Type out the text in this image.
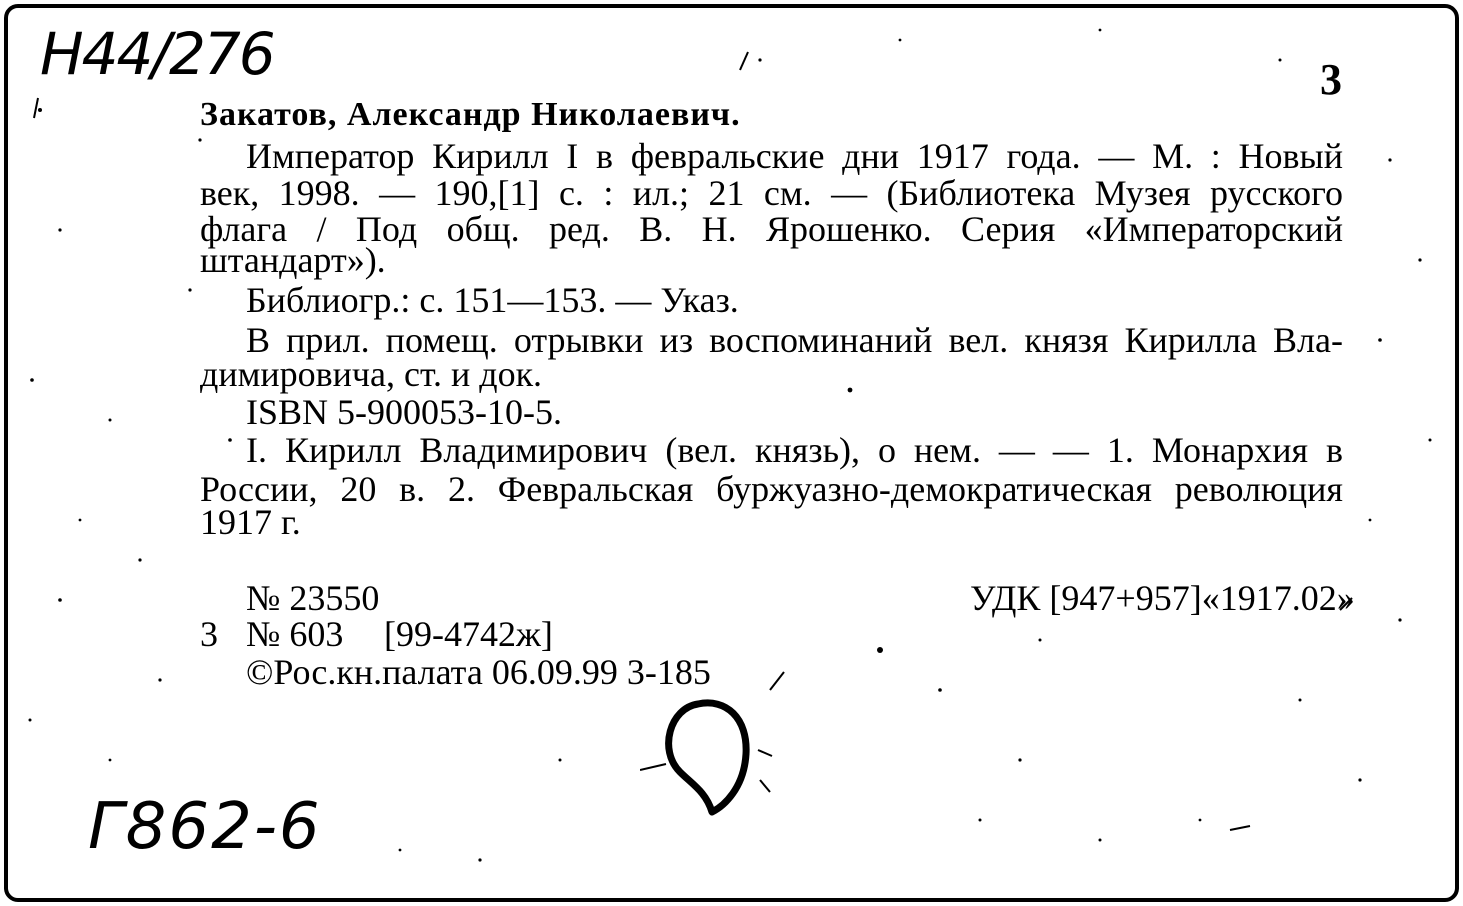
Н44/276	3
Закатов, Александр Николаевич.
Император Кирилл I в февральские дни 1917 года. — М. : Новый
век, 1998. — 190,[1] с. : ил.; 21 см. — (Библиотека Музея русского
флага / Под общ. ред. В. Н. Ярошенко. Серия «Императорский
штандарт»).
Библиогр.: с. 151—153. — Указ.
В прил. помещ. отрывки из воспоминаний вел. князя Кирилла Вла-
димировича, ст. и док.
ISBN 5-900053-10-5.
I. Кирилл Владимирович (вел. князь), о нем. — — 1. Монархия в
России, 20 в. 2. Февральская буржуазно-демократическая революция
1917 г.
№ 23550	УДК [947+957]«1917.02»
3 № 603 [99-4742ж]
©Рос.кн.палата 06.09.99 3-185
Г862-6
